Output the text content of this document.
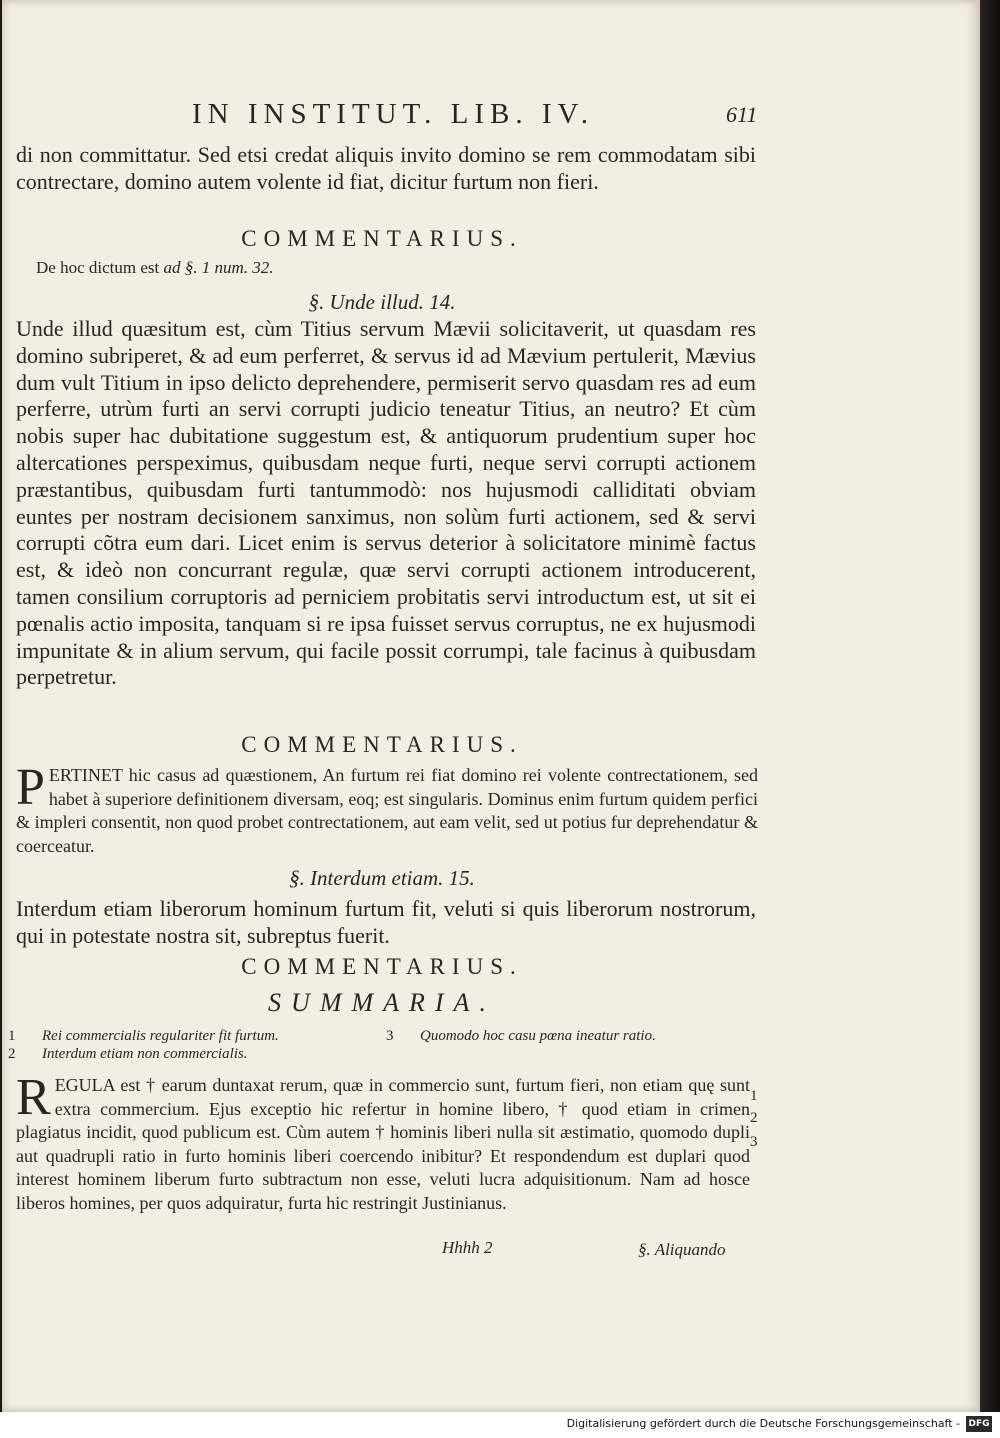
IN INSTITUT. LIB. IV.	611
di non committatur. Sed etsi credat aliquis invito domino se rem commodatam sibi contrectare, domino autem volente id fiat, dicitur furtum non fieri.
COMMENTARIUS.
De hoc dictum est ad §. 1 num. 32.
§. Unde illud. 14.
Unde illud quæsitum est, cùm Titius servum Mævii solicitaverit, ut quasdam res domino subriperet, & ad eum perferret, & servus id ad Mævium pertulerit, Mævius dum vult Titium in ipso delicto deprehendere, permiserit servo quasdam res ad eum perferre, utrùm furti an servi corrupti judicio teneatur Titius, an neutro? Et cùm nobis super hac dubitatione suggestum est, & antiquorum prudentium super hoc altercationes perspeximus, quibusdam neque furti, neque servi corrupti actionem præstantibus, quibusdam furti tantummodò: nos hujusmodi calliditati obviam euntes per nostram decisionem sanximus, non solùm furti actionem, sed & servi corrupti cõtra eum dari. Licet enim is servus deterior à solicitatore minimè factus est, & ideò non concurrant regulæ, quæ servi corrupti actionem introducerent, tamen consilium corruptoris ad perniciem probitatis servi introductum est, ut sit ei pœnalis actio imposita, tanquam si re ipsa fuisset servus corruptus, ne ex hujusmodi impunitate & in alium servum, qui facile possit corrumpi, tale facinus à quibusdam perpetretur.
COMMENTARIUS.
PERTINET hic casus ad quæstionem, An furtum rei fiat domino rei volente contrectationem, sed habet à superiore definitionem diversam, eoq; est singularis. Dominus enim furtum quidem perfici & impleri consentit, non quod probet contrectationem, aut eam velit, sed ut potius fur deprehendatur & coerceatur.
§. Interdum etiam. 15.
Interdum etiam liberorum hominum furtum fit, veluti si quis liberorum nostrorum, qui in potestate nostra sit, subreptus fuerit.
COMMENTARIUS.
SUMMARIA.
1 Rei commercialis regulariter fit furtum.	3 Quomodo hoc casu pœna ineatur ratio.
2 Interdum etiam non commercialis.
REGULA est † earum duntaxat rerum, quæ in commercio sunt, furtum fieri, non etiam quę sunt extra commercium. Ejus exceptio hic refertur in homine libero, † quod etiam in crimen plagiatus incidit, quod publicum est. Cùm autem † hominis liberi nulla sit æstimatio, quomodo dupli aut quadrupli ratio in furto hominis liberi coercendo inibitur? Et respondendum est duplari quod interest hominem liberum furto subtractum non esse, veluti lucra adquisitionum. Nam ad hosce liberos homines, per quos adquiratur, furta hic restringit Justinianus.
1
2
3
Hhhh 2	§. Aliquando
Digitalisierung gefördert durch die Deutsche Forschungsgemeinschaft - DFG
